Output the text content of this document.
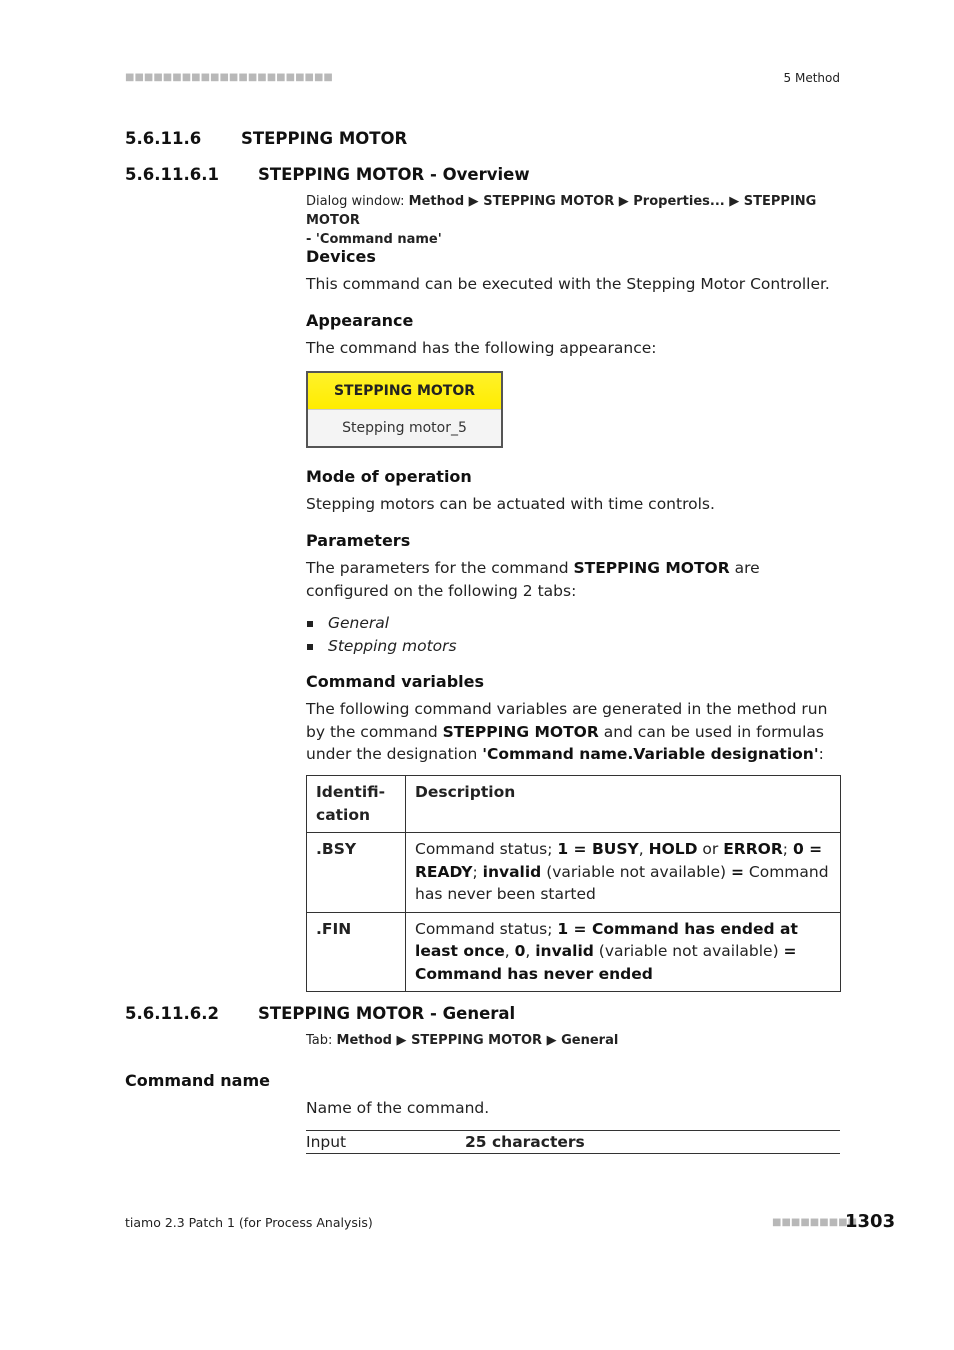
■■■■■■■■■■■■■■■■■■■■■■	5 Method
5.6.11.6 STEPPING MOTOR
5.6.11.6.1 STEPPING MOTOR - Overview
Dialog window: Method ▶ STEPPING MOTOR ▶ Properties... ▶ STEPPING MOTOR
- 'Command name'
Devices
This command can be executed with the Stepping Motor Controller.
Appearance
The command has the following appearance:
STEPPING MOTOR
Stepping motor_5
Mode of operation
Stepping motors can be actuated with time controls.
Parameters
The parameters for the command STEPPING MOTOR are configured on the following 2 tabs:
General
Stepping motors
Command variables
The following command variables are generated in the method run by the command STEPPING MOTOR and can be used in formulas under the designation 'Command name.Variable designation':
Identifi-cation	Description
.BSY	Command status; 1 = BUSY, HOLD or ERROR; 0 = READY; invalid (variable not available) = Command has never been started
.FIN	Command status; 1 = Command has ended at least once, 0, invalid (variable not available) = Command has never ended
5.6.11.6.2 STEPPING MOTOR - General
Tab: Method ▶ STEPPING MOTOR ▶ General
Command name
Name of the command.
Input	25 characters
tiamo 2.3 Patch 1 (for Process Analysis)	■■■■■■■■■
1303
